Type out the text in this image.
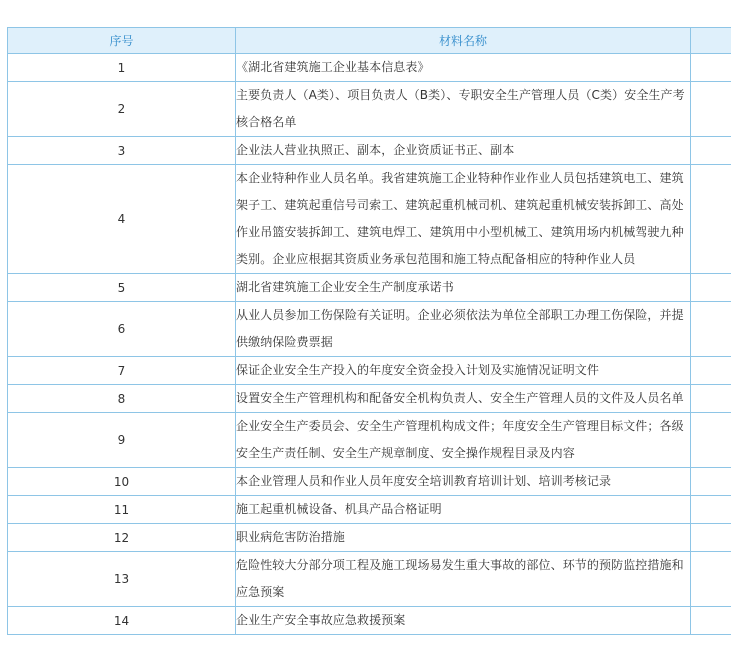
序号	材料名称	
1	《湖北省建筑施工企业基本信息表》	
2	主要负责人（A类）、项目负责人（B类）、专职安全生产管理人员（C类）安全生产考核合格名单	
3	企业法人营业执照正、副本，企业资质证书正、副本	
4	本企业特种作业人员名单。我省建筑施工企业特种作业作业人员包括建筑电工、建筑架子工、建筑起重信号司索工、建筑起重机械司机、建筑起重机械安装拆卸工、高处作业吊篮安装拆卸工、建筑电焊工、建筑用中小型机械工、建筑用场内机械驾驶九种类别。企业应根据其资质业务承包范围和施工特点配备相应的特种作业人员	
5	湖北省建筑施工企业安全生产制度承诺书	
6	从业人员参加工伤保险有关证明。企业必须依法为单位全部职工办理工伤保险，并提供缴纳保险费票据	
7	保证企业安全生产投入的年度安全资金投入计划及实施情况证明文件	
8	设置安全生产管理机构和配备安全机构负责人、安全生产管理人员的文件及人员名单	
9	企业安全生产委员会、安全生产管理机构成文件；年度安全生产管理目标文件；各级安全生产责任制、安全生产规章制度、安全操作规程目录及内容	
10	本企业管理人员和作业人员年度安全培训教育培训计划、培训考核记录	
11	施工起重机械设备、机具产品合格证明	
12	职业病危害防治措施	
13	危险性较大分部分项工程及施工现场易发生重大事故的部位、环节的预防监控措施和应急预案	
14	企业生产安全事故应急救援预案	
